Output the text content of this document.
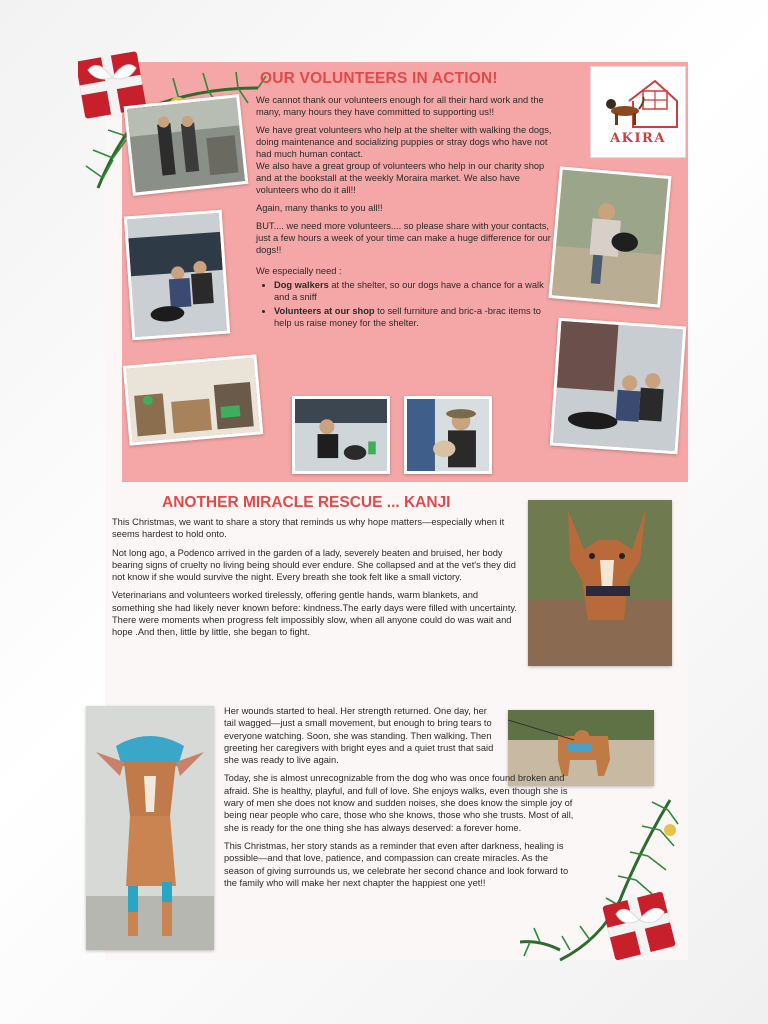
AKIRA
OUR VOLUNTEERS IN ACTION!

We cannot thank our volunteers enough for all their hard work and the many, many hours they have committed to supporting us!!

We have great volunteers who help at the shelter with walking the dogs, doing maintenance and socializing puppies or stray dogs who have not had much human contact.

We also have a great group of volunteers who help in our charity shop and at the bookstall at the weekly Moraira market. We also have volunteers who do it all!!

Again, many thanks to you all!!

BUT.... we need more volunteers.... so please share with your contacts, just a few hours a week of your time can make a huge difference for our dogs!!

We especially need :

• Dog walkers at the shelter, so our dogs have a chance for a walk and a sniff
• Volunteers at our shop to sell furniture and bric-a -brac items to help us raise money for the shelter.
ANOTHER MIRACLE RESCUE ... KANJI

This Christmas, we want to share a story that reminds us why hope matters—especially when it seems hardest to hold onto.

Not long ago, a Podenco arrived in the garden of a lady, severely beaten and bruised, her body bearing signs of cruelty no living being should ever endure. She collapsed and at the vet's they did not know if she would survive the night. Every breath she took felt like a small victory.

Veterinarians and volunteers worked tirelessly, offering gentle hands, warm blankets, and something she had likely never known before: kindness.The early days were filled with uncertainty. There were moments when progress felt impossibly slow, when all anyone could do was wait and hope .And then, little by little, she began to fight.

Her wounds started to heal. Her strength returned. One day, her tail wagged—just a small movement, but enough to bring tears to everyone watching. Soon, she was standing. Then walking. Then greeting her caregivers with bright eyes and a quiet trust that said she was ready to live again.

Today, she is almost unrecognizable from the dog who was once found broken and afraid. She is healthy, playful, and full of love. She enjoys walks, even though she is wary of men she does not know and sudden noises, she does know the simple joy of being near people who care, those who she knows, those who she trusts. Most of all, she is ready for the one thing she has always deserved: a forever home.

This Christmas, her story stands as a reminder that even after darkness, healing is possible—and that love, patience, and compassion can create miracles. As the season of giving surrounds us, we celebrate her second chance and look forward to the family who will make her next chapter the happiest one yet!!
